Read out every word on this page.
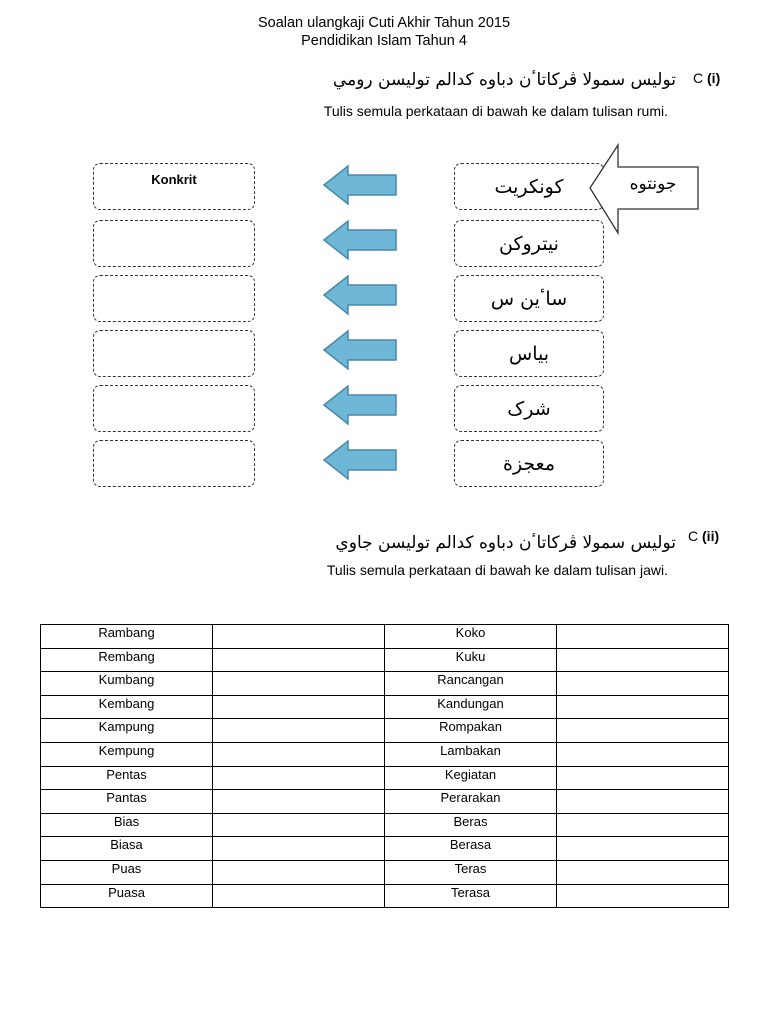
Soalan ulangkaji Cuti Akhir Tahun 2015
Pendidikan Islam Tahun 4
توليس سمولا ڤركاتاٴن دباوه كدالم توليسن رومي C (i)
Tulis semula perkataan di bawah ke dalam tulisan rumi.
Konkrit	كونكريت
نيتروكن
ساٴين س
بياس
شرک
معجزة
جونتوه
توليس سمولا ڤركاتاٴن دباوه كدالم توليسن جاوي C (ii)
Tulis semula perkataan di bawah ke dalam tulisan jawi.
Rambang		Koko	
Rembang		Kuku	
Kumbang		Rancangan	
Kembang		Kandungan	
Kampung		Rompakan	
Kempung		Lambakan	
Pentas		Kegiatan	
Pantas		Perarakan	
Bias		Beras	
Biasa		Berasa	
Puas		Teras	
Puasa		Terasa	
